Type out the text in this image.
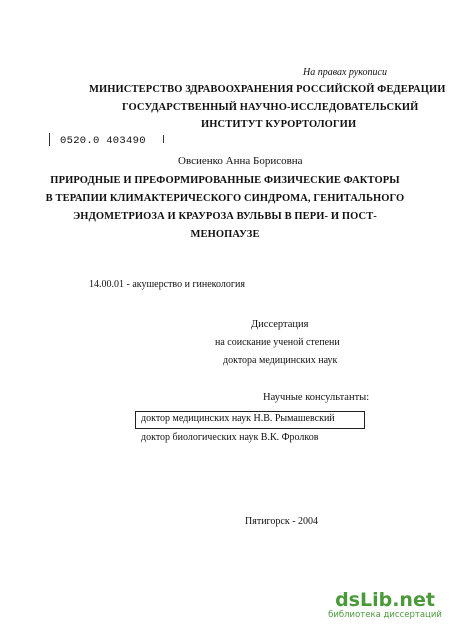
На правах рукописи
МИНИСТЕРСТВО ЗДРАВООХРАНЕНИЯ РОССИЙСКОЙ ФЕДЕРАЦИИ
ГОСУДАРСТВЕННЫЙ НАУЧНО-ИССЛЕДОВАТЕЛЬСКИЙ
ИНСТИТУТ КУРОРТОЛОГИИ
0520.0 403490
Овсиенко Анна Борисовна
ПРИРОДНЫЕ И ПРЕФОРМИРОВАННЫЕ ФИЗИЧЕСКИЕ ФАКТОРЫ
В ТЕРАПИИ КЛИМАКТЕРИЧЕСКОГО СИНДРОМА, ГЕНИТАЛЬНОГО
ЭНДОМЕТРИОЗА И КРАУРОЗА ВУЛЬВЫ В ПЕРИ- И ПОСТ-
МЕНОПАУЗЕ
14.00.01 - акушерство и гинекология
Диссертация
на соискание ученой степени
доктора медицинских наук
Научные консультанты:
доктор медицинских наук Н.В. Рымашевский
доктор биологических наук В.К. Фролков
Пятигорск - 2004
dsLib.net
библиотека диссертаций
